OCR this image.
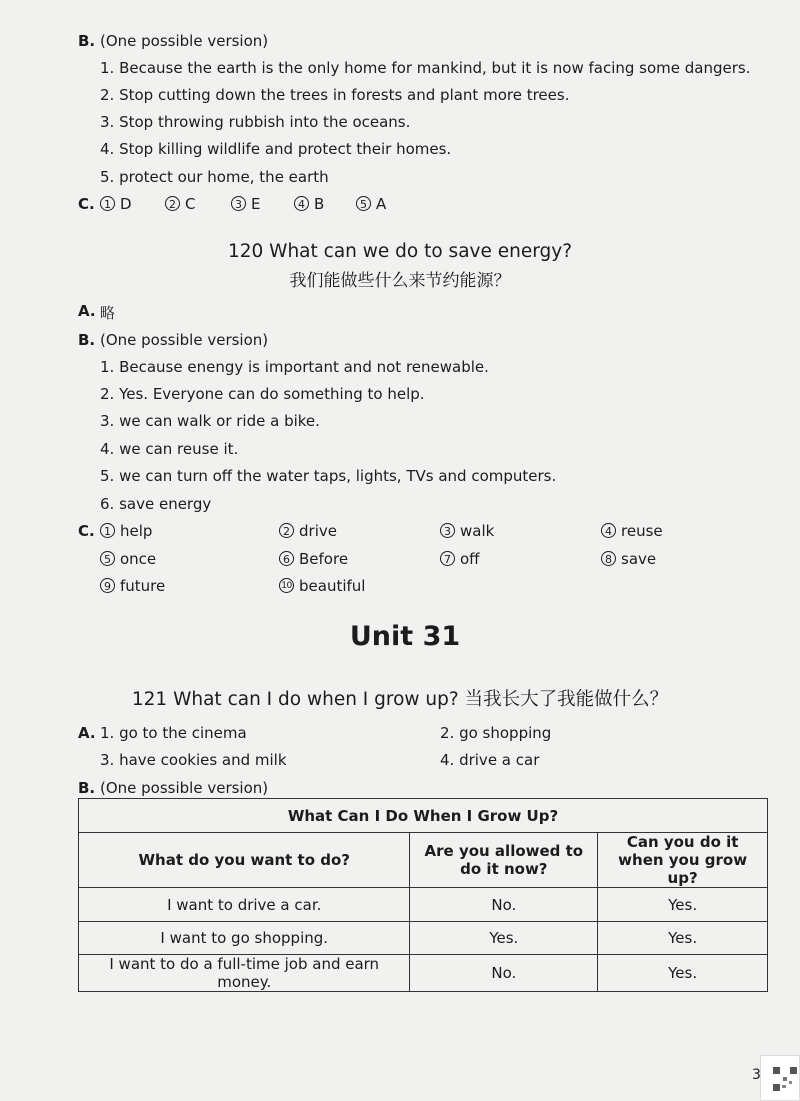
B. (One possible version)
1. Because the earth is the only home for mankind, but it is now facing some dangers.
2. Stop cutting down the trees in forests and plant more trees.
3. Stop throwing rubbish into the oceans.
4. Stop killing wildlife and protect their homes.
5. protect our home, the earth
C. 1 D	2 C	3 E	4 B	5 A
120 What can we do to save energy?
我们能做些什么来节约能源？
A. 略
B. (One possible version)
1. Because enengy is important and not renewable.
2. Yes. Everyone can do something to help.
3. we can walk or ride a bike.
4. we can reuse it.
5. we can turn off the water taps, lights, TVs and computers.
6. save energy
C. 1 help	2 drive	3 walk	4 reuse
5 once	6 Before	7 off	8 save
9 future	10 beautiful
Unit 31
121 What can I do when I grow up? 当我长大了我能做什么？
A. 1. go to the cinema	2. go shopping
3. have cookies and milk	4. drive a car
B. (One possible version)
What Can I Do When I Grow Up?		
What do you want to do?	Are you allowed to do it now?	Can you do it when you grow up?
I want to drive a car.	No.	Yes.
I want to go shopping.	Yes.	Yes.
I want to do a full-time job and earn money.	No.	Yes.
3
